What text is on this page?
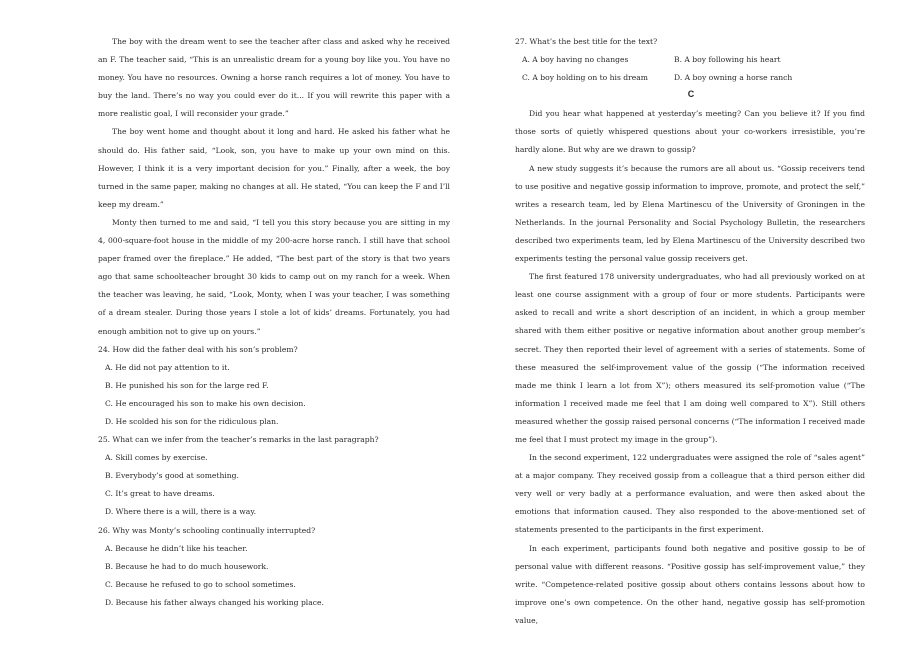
The boy with the dream went to see the teacher after class and asked why he received an F. The teacher said, “This is an unrealistic dream for a young boy like you. You have no money. You have no resources. Owning a horse ranch requires a lot of money. You have to buy the land. There’s no way you could ever do it... If you will rewrite this paper with a more realistic goal, I will reconsider your grade.”

The boy went home and thought about it long and hard. He asked his father what he should do. His father said, “Look, son, you have to make up your own mind on this. However, I think it is a very important decision for you.” Finally, after a week, the boy turned in the same paper, making no changes at all. He stated, “You can keep the F and I’ll keep my dream.”

Monty then turned to me and said, “I tell you this story because you are sitting in my 4, 000-square-foot house in the middle of my 200-acre horse ranch. I still have that school paper framed over the fireplace.” He added, “The best part of the story is that two years ago that same schoolteacher brought 30 kids to camp out on my ranch for a week. When the teacher was leaving, he said, “Look, Monty, when I was your teacher, I was something of a dream stealer. During those years I stole a lot of kids’ dreams. Fortunately, you had enough ambition not to give up on yours.”

24. How did the father deal with his son’s problem?

A. He did not pay attention to it.

B. He punished his son for the large red F.

C. He encouraged his son to make his own decision.

D. He scolded his son for the ridiculous plan.

25. What can we infer from the teacher’s remarks in the last paragraph?

A. Skill comes by exercise.

B. Everybody’s good at something.

C. It’s great to have dreams.

D. Where there is a will, there is a way.

26. Why was Monty’s schooling continually interrupted?

A. Because he didn’t like his teacher.

B. Because he had to do much housework.

C. Because he refused to go to school sometimes.

D. Because his father always changed his working place.

27. What’s the best title for the text?

A. A boy having no changes	B. A boy following his heart
C. A boy holding on to his dream	D. A boy owning a horse ranch

C

Did you hear what happened at yesterday’s meeting? Can you believe it? If you find those sorts of quietly whispered questions about your co-workers irresistible, you’re hardly alone. But why are we drawn to gossip?

A new study suggests it’s because the rumors are all about us. “Gossip receivers tend to use positive and negative gossip information to improve, promote, and protect the self,” writes a research team, led by Elena Martinescu of the University of Groningen in the Netherlands. In the journal Personality and Social Psychology Bulletin, the researchers described two experiments team, led by Elena Martinescu of the University described two experiments testing the personal value gossip receivers get.

The first featured 178 university undergraduates, who had all previously worked on at least one course assignment with a group of four or more students. Participants were asked to recall and write a short description of an incident, in which a group member shared with them either positive or negative information about another group member’s secret. They then reported their level of agreement with a series of statements. Some of these measured the self-improvement value of the gossip (“The information received made me think I learn a lot from X”); others measured its self-promotion value (“The information I received made me feel that I am doing well compared to X”). Still others measured whether the gossip raised personal concerns (“The information I received made me feel that I must protect my image in the group”).

In the second experiment, 122 undergraduates were assigned the role of “sales agent” at a major company. They received gossip from a colleague that a third person either did very well or very badly at a performance evaluation, and were then asked about the emotions that information caused. They also responded to the above-mentioned set of statements presented to the participants in the first experiment.

In each experiment, participants found both negative and positive gossip to be of personal value with different reasons. “Positive gossip has self-improvement value,” they write. “Competence-related positive gossip about others contains lessons about how to improve one’s own competence. On the other hand, negative gossip has self-promotion value,
